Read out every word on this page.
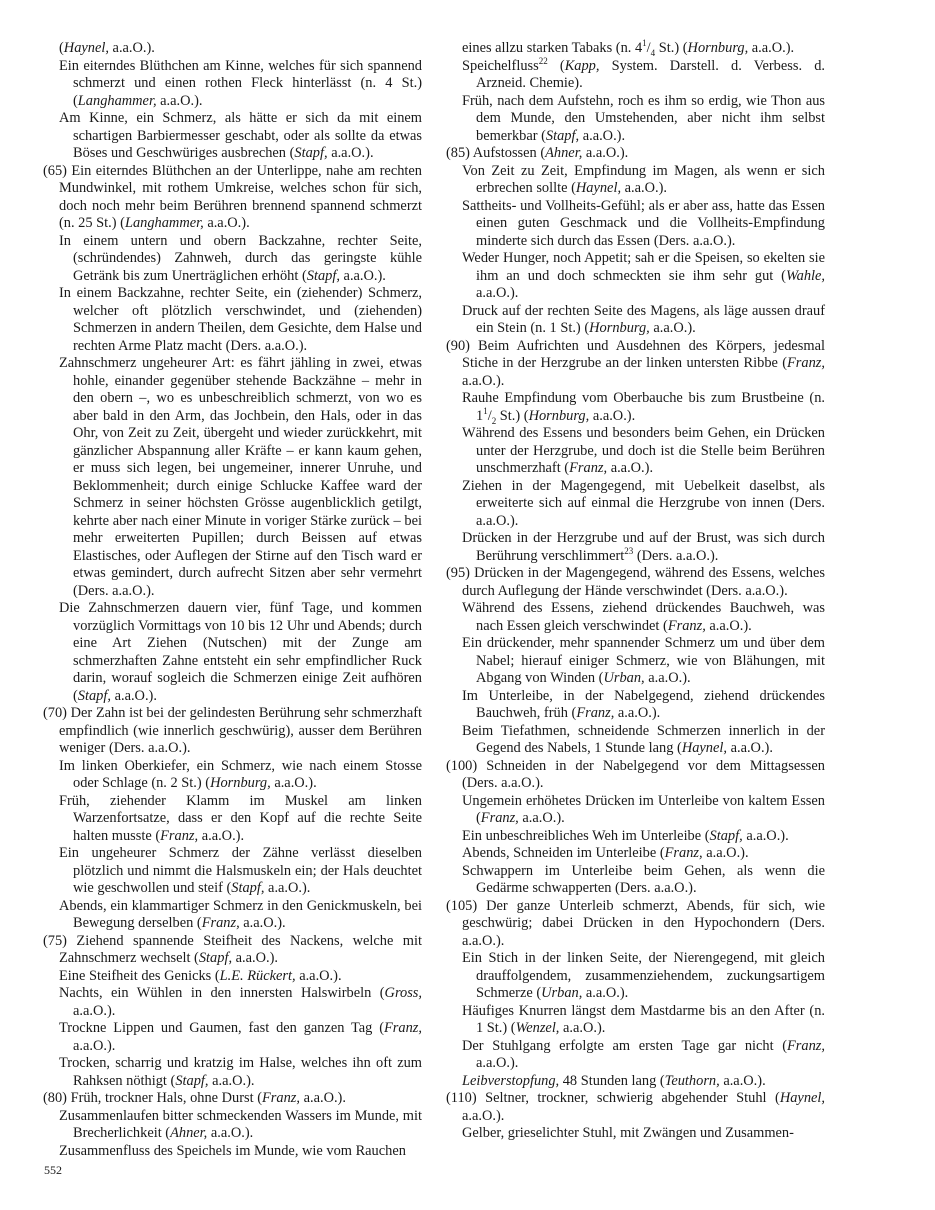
(Haynel, a.a.O.).

Ein eiterndes Blüthchen am Kinne, welches für sich spannend schmerzt und einen rothen Fleck hinterlässt (n. 4 St.) (Langhammer, a.a.O.).

Am Kinne, ein Schmerz, als hätte er sich da mit einem schartigen Barbiermesser geschabt, oder als sollte da etwas Böses und Geschwüriges ausbrechen (Stapf, a.a.O.).

(65) Ein eiterndes Blüthchen an der Unterlippe, nahe am rechten Mundwinkel, mit rothem Umkreise, welches schon für sich, doch noch mehr beim Berühren brennend spannend schmerzt (n. 25 St.) (Langhammer, a.a.O.).

In einem untern und obern Backzahne, rechter Seite, (schründendes) Zahnweh, durch das geringste kühle Getränk bis zum Unerträglichen erhöht (Stapf, a.a.O.).

In einem Backzahne, rechter Seite, ein (ziehender) Schmerz, welcher oft plötzlich verschwindet, und (ziehenden) Schmerzen in andern Theilen, dem Gesichte, dem Halse und rechten Arme Platz macht (Ders. a.a.O.).

Zahnschmerz ungeheurer Art: es fährt jähling in zwei, etwas hohle, einander gegenüber stehende Backzähne – mehr in den obern –, wo es unbeschreiblich schmerzt, von wo es aber bald in den Arm, das Jochbein, den Hals, oder in das Ohr, von Zeit zu Zeit, übergeht und wieder zurückkehrt, mit gänzlicher Abspannung aller Kräfte – er kann kaum gehen, er muss sich legen, bei ungemeiner, innerer Unruhe, und Beklommenheit; durch einige Schlucke Kaffee ward der Schmerz in seiner höchsten Grösse augenblicklich getilgt, kehrte aber nach einer Minute in voriger Stärke zurück – bei mehr erweiterten Pupillen; durch Beissen auf etwas Elastisches, oder Auflegen der Stirne auf den Tisch ward er etwas gemindert, durch aufrecht Sitzen aber sehr vermehrt (Ders. a.a.O.).

Die Zahnschmerzen dauern vier, fünf Tage, und kommen vorzüglich Vormittags von 10 bis 12 Uhr und Abends; durch eine Art Ziehen (Nutschen) mit der Zunge am schmerzhaften Zahne entsteht ein sehr empfindlicher Ruck darin, worauf sogleich die Schmerzen einige Zeit aufhören (Stapf, a.a.O.).

(70) Der Zahn ist bei der gelindesten Berührung sehr schmerzhaft empfindlich (wie innerlich geschwürig), ausser dem Berühren weniger (Ders. a.a.O.).

Im linken Oberkiefer, ein Schmerz, wie nach einem Stosse oder Schlage (n. 2 St.) (Hornburg, a.a.O.).

Früh, ziehender Klamm im Muskel am linken Warzenfortsatze, dass er den Kopf auf die rechte Seite halten musste (Franz, a.a.O.).

Ein ungeheurer Schmerz der Zähne verlässt dieselben plötzlich und nimmt die Halsmuskeln ein; der Hals deuchtet wie geschwollen und steif (Stapf, a.a.O.).

Abends, ein klammartiger Schmerz in den Genickmuskeln, bei Bewegung derselben (Franz, a.a.O.).

(75) Ziehend spannende Steifheit des Nackens, welche mit Zahnschmerz wechselt (Stapf, a.a.O.).

Eine Steifheit des Genicks (L.E. Rückert, a.a.O.).

Nachts, ein Wühlen in den innersten Halswirbeln (Gross, a.a.O.).

Trockne Lippen und Gaumen, fast den ganzen Tag (Franz, a.a.O.).

Trocken, scharrig und kratzig im Halse, welches ihn oft zum Rahksen nöthigt (Stapf, a.a.O.).

(80) Früh, trockner Hals, ohne Durst (Franz, a.a.O.).

Zusammenlaufen bitter schmeckenden Wassers im Munde, mit Brecherlichkeit (Ahner, a.a.O.).

Zusammenfluss des Speichels im Munde, wie vom Rauchen

eines allzu starken Tabaks (n. $4^1/_4$ St.) (Hornburg, a.a.O.).

Speichelfluss$^{22}$ (Kapp, System. Darstell. d. Verbess. d. Arzneid. Chemie).

Früh, nach dem Aufstehn, roch es ihm so erdig, wie Thon aus dem Munde, den Umstehenden, aber nicht ihm selbst bemerkbar (Stapf, a.a.O.).

(85) Aufstossen (Ahner, a.a.O.).

Von Zeit zu Zeit, Empfindung im Magen, als wenn er sich erbrechen sollte (Haynel, a.a.O.).

Sattheits- und Vollheits-Gefühl; als er aber ass, hatte das Essen einen guten Geschmack und die Vollheits-Empfindung minderte sich durch das Essen (Ders. a.a.O.).

Weder Hunger, noch Appetit; sah er die Speisen, so ekelten sie ihm an und doch schmeckten sie ihm sehr gut (Wahle, a.a.O.).

Druck auf der rechten Seite des Magens, als läge aussen drauf ein Stein (n. 1 St.) (Hornburg, a.a.O.).

(90) Beim Aufrichten und Ausdehnen des Körpers, jedesmal Stiche in der Herzgrube an der linken untersten Ribbe (Franz, a.a.O.).

Rauhe Empfindung vom Oberbauche bis zum Brustbeine (n. $1^1/_2$ St.) (Hornburg, a.a.O.).

Während des Essens und besonders beim Gehen, ein Drücken unter der Herzgrube, und doch ist die Stelle beim Berühren unschmerzhaft (Franz, a.a.O.).

Ziehen in der Magengegend, mit Uebelkeit daselbst, als erweiterte sich auf einmal die Herzgrube von innen (Ders. a.a.O.).

Drücken in der Herzgrube und auf der Brust, was sich durch Berührung verschlimmert$^{23}$ (Ders. a.a.O.).

(95) Drücken in der Magengegend, während des Essens, welches durch Auflegung der Hände verschwindet (Ders. a.a.O.).

Während des Essens, ziehend drückendes Bauchweh, was nach Essen gleich verschwindet (Franz, a.a.O.).

Ein drückender, mehr spannender Schmerz um und über dem Nabel; hierauf einiger Schmerz, wie von Blähungen, mit Abgang von Winden (Urban, a.a.O.).

Im Unterleibe, in der Nabelgegend, ziehend drückendes Bauchweh, früh (Franz, a.a.O.).

Beim Tiefathmen, schneidende Schmerzen innerlich in der Gegend des Nabels, 1 Stunde lang (Haynel, a.a.O.).

(100) Schneiden in der Nabelgegend vor dem Mittagsessen (Ders. a.a.O.).

Ungemein erhöhetes Drücken im Unterleibe von kaltem Essen (Franz, a.a.O.).

Ein unbeschreibliches Weh im Unterleibe (Stapf, a.a.O.).

Abends, Schneiden im Unterleibe (Franz, a.a.O.).

Schwappern im Unterleibe beim Gehen, als wenn die Gedärme schwapperten (Ders. a.a.O.).

(105) Der ganze Unterleib schmerzt, Abends, für sich, wie geschwürig; dabei Drücken in den Hypochondern (Ders. a.a.O.).

Ein Stich in der linken Seite, der Nierengegend, mit gleich drauffolgendem, zusammenziehendem, zuckungsartigem Schmerze (Urban, a.a.O.).

Häufiges Knurren längst dem Mastdarme bis an den After (n. 1 St.) (Wenzel, a.a.O.).

Der Stuhlgang erfolgte am ersten Tage gar nicht (Franz, a.a.O.).

Leibverstopfung, 48 Stunden lang (Teuthorn, a.a.O.).

(110) Seltner, trockner, schwierig abgehender Stuhl (Haynel, a.a.O.).

Gelber, grieselichter Stuhl, mit Zwängen und Zusammen-

552
